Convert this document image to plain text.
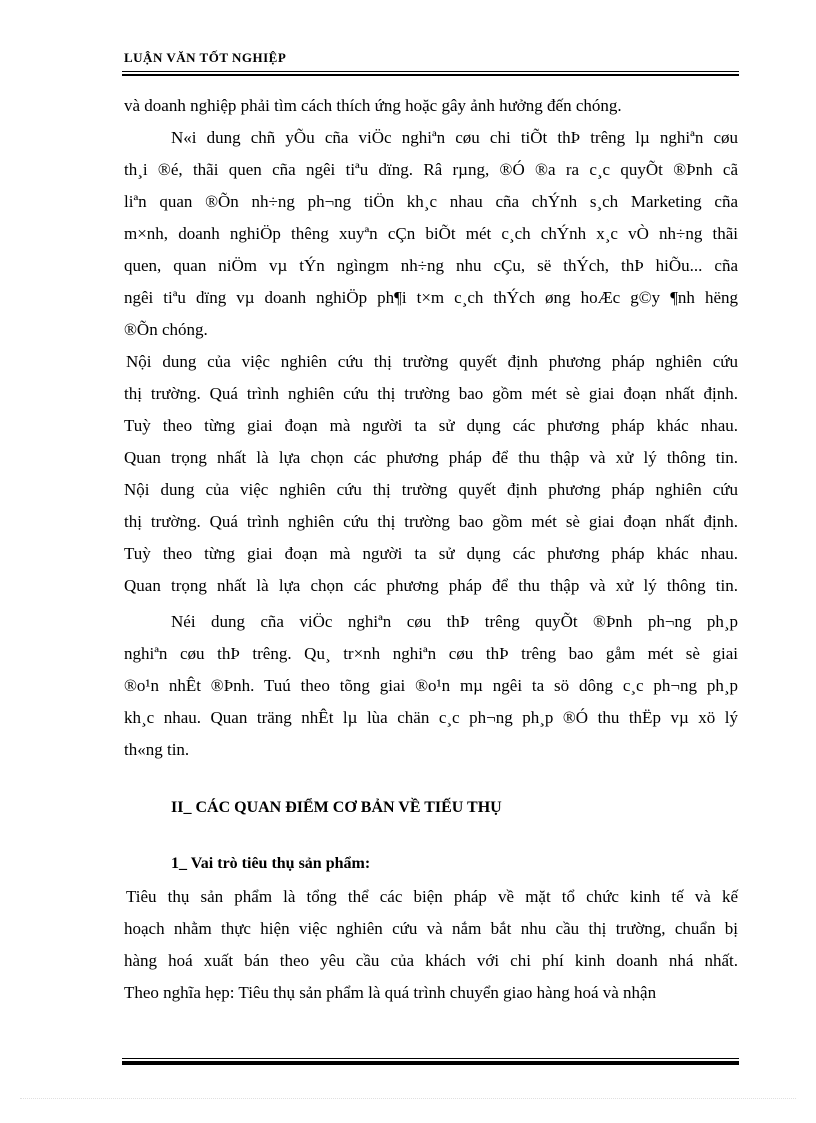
LUẬN VĂN TỐT NGHIỆP
và doanh nghiệp phải tìm cách thích ứng hoặc gây ảnh hưởng đến chóng.
N«i dung chñ yÕu cña viÖc nghiªn cøu chi tiÕt thÞ trêng lµ nghiªn cøu
th¸i ®é, thãi quen cña ngêi tiªu dïng. Râ rµng, ®Ó ®a ra c¸c quyÕt ®Þnh cã
liªn quan ®Õn nh÷ng ph¬ng tiÖn kh¸c nhau cña chÝnh s¸ch Marketing cña
m×nh, doanh nghiÖp thêng xuyªn cÇn biÕt mét c¸ch chÝnh x¸c vÒ nh÷ng thãi
quen, quan niÖm vµ tÝn ngìngm nh÷ng nhu cÇu, së thÝch, thÞ hiÕu... cña
ngêi tiªu dïng vµ doanh nghiÖp ph¶i t×m c¸ch thÝch øng hoÆc g©y ¶nh hëng
®Õn chóng.
Nội dung của việc nghiên cứu thị trường quyết định phương pháp nghiên cứu
thị trường. Quá trình nghiên cứu thị trường bao gồm mét sè giai đoạn nhất định.
Tuỳ theo từng giai đoạn mà người ta sử dụng các phương pháp khác nhau.
Quan trọng nhất là lựa chọn các phương pháp để thu thập và xử lý thông tin.
Nội dung của việc nghiên cứu thị trường quyết định phương pháp nghiên cứu
thị trường. Quá trình nghiên cứu thị trường bao gồm mét sè giai đoạn nhất định.
Tuỳ theo từng giai đoạn mà người ta sử dụng các phương pháp khác nhau.
Quan trọng nhất là lựa chọn các phương pháp để thu thập và xử lý thông tin.
Néi dung cña viÖc nghiªn cøu thÞ trêng quyÕt ®Þnh ph¬ng ph¸p
nghiªn cøu thÞ trêng. Qu¸ tr×nh nghiªn cøu thÞ trêng bao gåm mét sè giai
®o¹n nhÊt ®Þnh. Tuú theo tõng giai ®o¹n mµ ngêi ta sö dông c¸c ph¬ng ph¸p
kh¸c nhau. Quan träng nhÊt lµ lùa chän c¸c ph¬ng ph¸p ®Ó thu thËp vµ xö lý
th«ng tin.
II_ CÁC QUAN ĐIỂM CƠ BẢN VỀ TIẾU THỤ
1_ Vai trò tiêu thụ sản phẩm:
Tiêu thụ sản phẩm là tổng thể các biện pháp về mặt tổ chức kinh tế và kế
hoạch nhằm thực hiện việc nghiên cứu và nắm bắt nhu cầu thị trường, chuẩn bị
hàng hoá xuất bán theo yêu cầu của khách với chi phí kinh doanh nhá nhất.
Theo nghĩa hẹp: Tiêu thụ sản phẩm là quá trình chuyển giao hàng hoá và nhận
